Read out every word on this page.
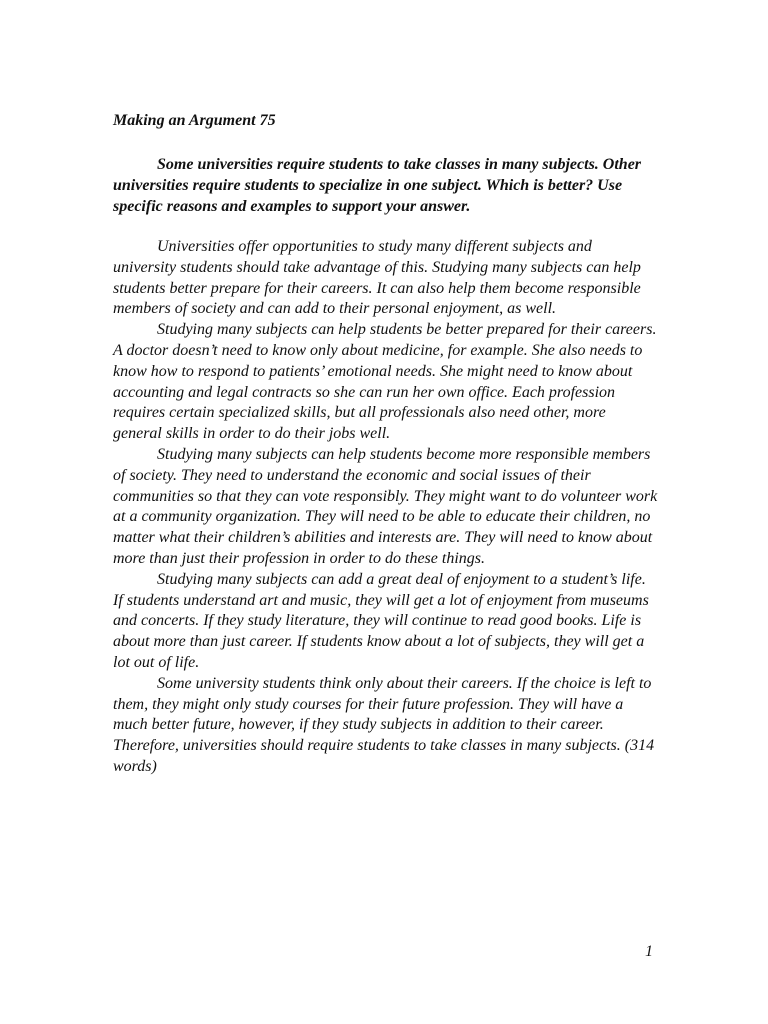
Making an Argument 75

Some universities require students to take classes in many subjects. Other universities require students to specialize in one subject. Which is better? Use specific reasons and examples to support your answer.

Universities offer opportunities to study many different subjects and university students should take advantage of this. Studying many subjects can help students better prepare for their careers. It can also help them become responsible members of society and can add to their personal enjoyment, as well.

Studying many subjects can help students be better prepared for their careers. A doctor doesn’t need to know only about medicine, for example. She also needs to know how to respond to patients’ emotional needs. She might need to know about accounting and legal contracts so she can run her own office. Each profession requires certain specialized skills, but all professionals also need other, more general skills in order to do their jobs well.

Studying many subjects can help students become more responsible members of society. They need to understand the economic and social issues of their communities so that they can vote responsibly. They might want to do volunteer work at a community organization. They will need to be able to educate their children, no matter what their children’s abilities and interests are. They will need to know about more than just their profession in order to do these things.

Studying many subjects can add a great deal of enjoyment to a student’s life. If students understand art and music, they will get a lot of enjoyment from museums and concerts. If they study literature, they will continue to read good books. Life is about more than just career. If students know about a lot of subjects, they will get a lot out of life.

Some university students think only about their careers. If the choice is left to them, they might only study courses for their future profession. They will have a much better future, however, if they study subjects in addition to their career. Therefore, universities should require students to take classes in many subjects. (314 words)

1
